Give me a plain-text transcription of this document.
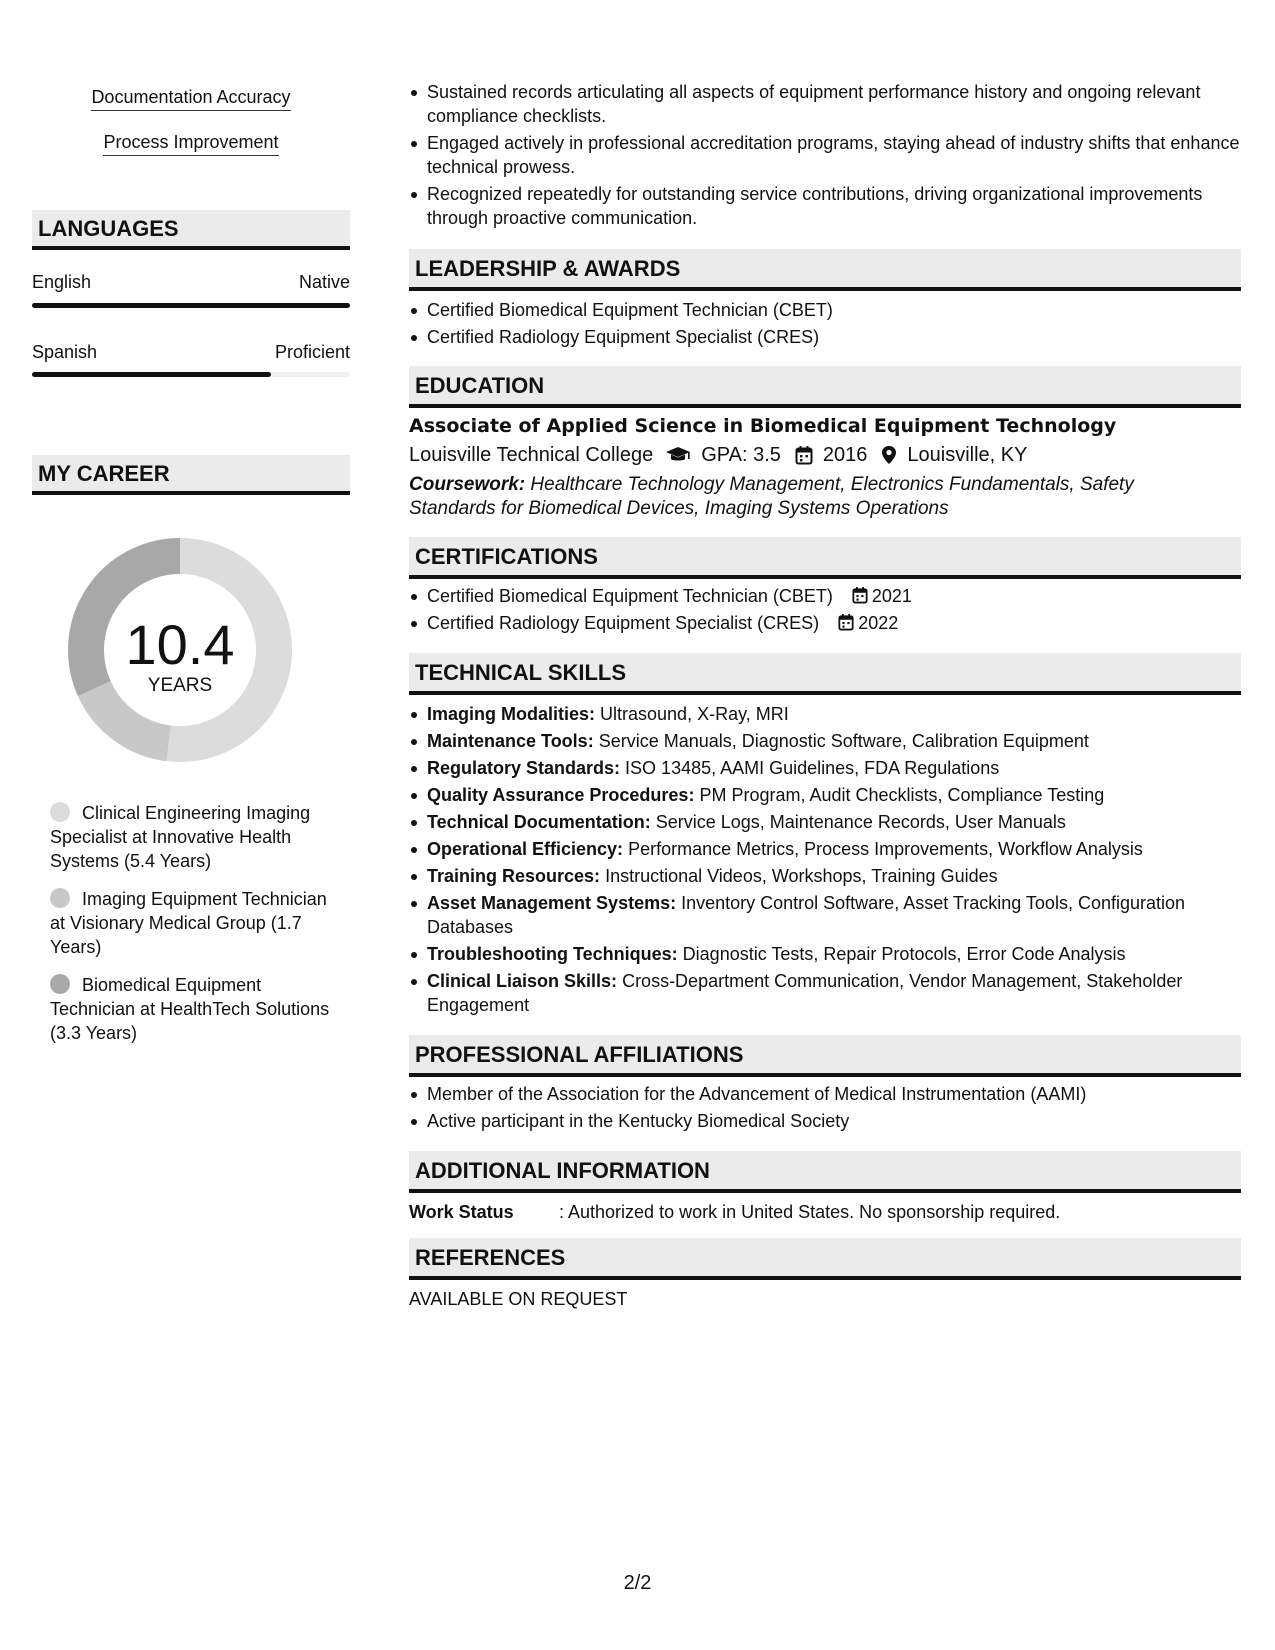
Documentation Accuracy
Process Improvement
LANGUAGES
English	Native
Spanish	Proficient
MY CAREER
10.4
YEARS
Clinical Engineering Imaging Specialist at Innovative Health Systems (5.4 Years)
Imaging Equipment Technician at Visionary Medical Group (1.7 Years)
Biomedical Equipment Technician at HealthTech Solutions (3.3 Years)
Sustained records articulating all aspects of equipment performance history and ongoing relevant compliance checklists.
Engaged actively in professional accreditation programs, staying ahead of industry shifts that enhance technical prowess.
Recognized repeatedly for outstanding service contributions, driving organizational improvements through proactive communication.
LEADERSHIP & AWARDS
Certified Biomedical Equipment Technician (CBET)
Certified Radiology Equipment Specialist (CRES)
EDUCATION
Associate of Applied Science in Biomedical Equipment Technology
Louisville Technical College GPA: 3.5 2016 Louisville, KY
Coursework: Healthcare Technology Management, Electronics Fundamentals, Safety Standards for Biomedical Devices, Imaging Systems Operations
CERTIFICATIONS
Certified Biomedical Equipment Technician (CBET) 2021
Certified Radiology Equipment Specialist (CRES) 2022
TECHNICAL SKILLS
Imaging Modalities: Ultrasound, X-Ray, MRI
Maintenance Tools: Service Manuals, Diagnostic Software, Calibration Equipment
Regulatory Standards: ISO 13485, AAMI Guidelines, FDA Regulations
Quality Assurance Procedures: PM Program, Audit Checklists, Compliance Testing
Technical Documentation: Service Logs, Maintenance Records, User Manuals
Operational Efficiency: Performance Metrics, Process Improvements, Workflow Analysis
Training Resources: Instructional Videos, Workshops, Training Guides
Asset Management Systems: Inventory Control Software, Asset Tracking Tools, Configuration Databases
Troubleshooting Techniques: Diagnostic Tests, Repair Protocols, Error Code Analysis
Clinical Liaison Skills: Cross-Department Communication, Vendor Management, Stakeholder Engagement
PROFESSIONAL AFFILIATIONS
Member of the Association for the Advancement of Medical Instrumentation (AAMI)
Active participant in the Kentucky Biomedical Society
ADDITIONAL INFORMATION
Work Status	: Authorized to work in United States. No sponsorship required.
REFERENCES
AVAILABLE ON REQUEST
2/2
